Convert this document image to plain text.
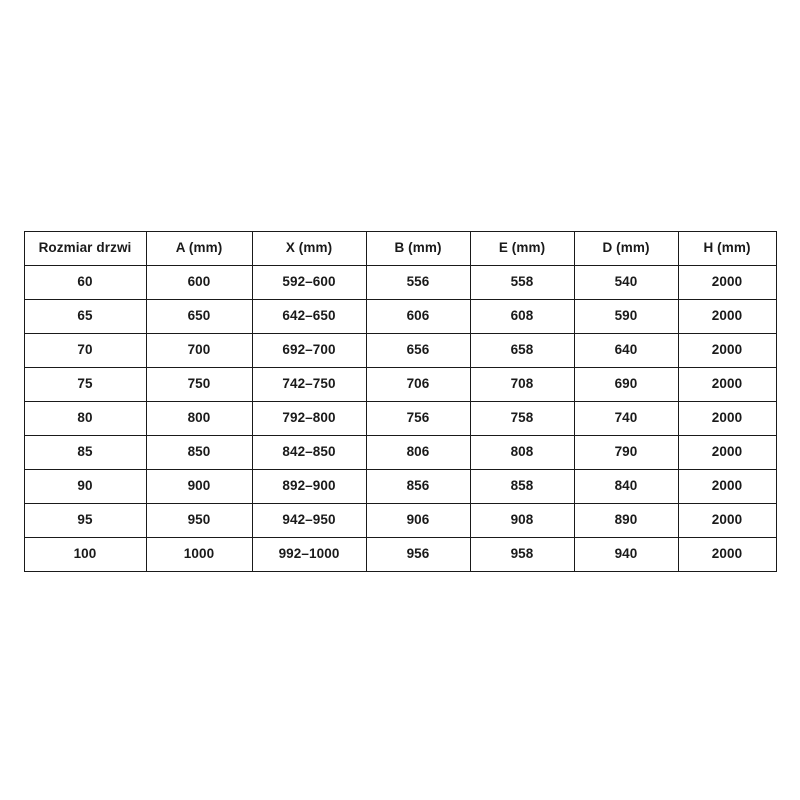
Rozmiar drzwi	A (mm)	X (mm)	B (mm)	E (mm)	D (mm)	H (mm)
60	600	592–600	556	558	540	2000
65	650	642–650	606	608	590	2000
70	700	692–700	656	658	640	2000
75	750	742–750	706	708	690	2000
80	800	792–800	756	758	740	2000
85	850	842–850	806	808	790	2000
90	900	892–900	856	858	840	2000
95	950	942–950	906	908	890	2000
100	1000	992–1000	956	958	940	2000
